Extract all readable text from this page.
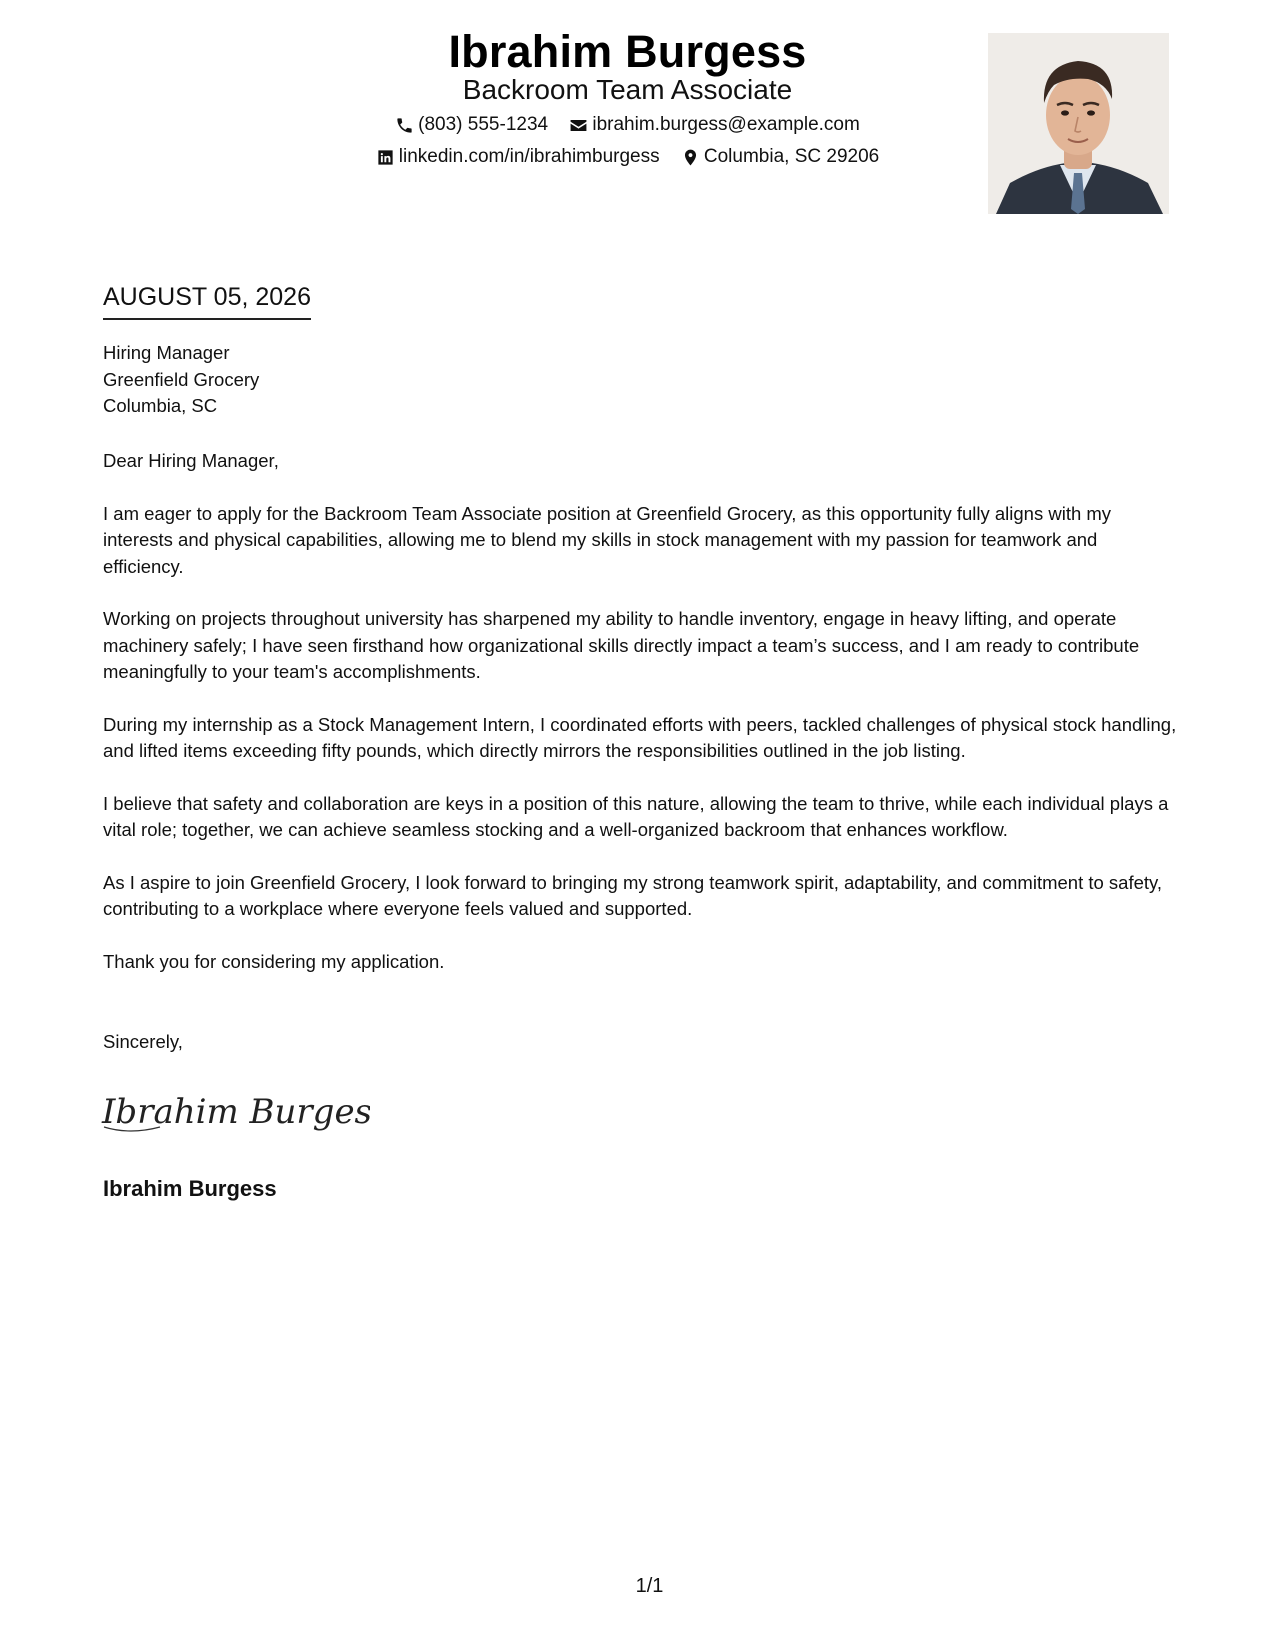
Ibrahim Burgess
Backroom Team Associate
(803) 555-1234
ibrahim.burgess@example.com
linkedin.com/in/ibrahimburgess
Columbia, SC 29206
AUGUST 05, 2026
Hiring Manager
Greenfield Grocery
Columbia, SC

Dear Hiring Manager,

I am eager to apply for the Backroom Team Associate position at Greenfield Grocery, as this opportunity fully aligns with my interests and physical capabilities, allowing me to blend my skills in stock management with my passion for teamwork and efficiency.

Working on projects throughout university has sharpened my ability to handle inventory, engage in heavy lifting, and operate machinery safely; I have seen firsthand how organizational skills directly impact a team’s success, and I am ready to contribute meaningfully to your team's accomplishments.

During my internship as a Stock Management Intern, I coordinated efforts with peers, tackled challenges of physical stock handling, and lifted items exceeding fifty pounds, which directly mirrors the responsibilities outlined in the job listing.

I believe that safety and collaboration are keys in a position of this nature, allowing the team to thrive, while each individual plays a vital role; together, we can achieve seamless stocking and a well-organized backroom that enhances workflow.

As I aspire to join Greenfield Grocery, I look forward to bringing my strong teamwork spirit, adaptability, and commitment to safety, contributing to a workplace where everyone feels valued and supported.

Thank you for considering my application.

Sincerely,
Ibrahim Burgess
Ibrahim Burgess
1/1
